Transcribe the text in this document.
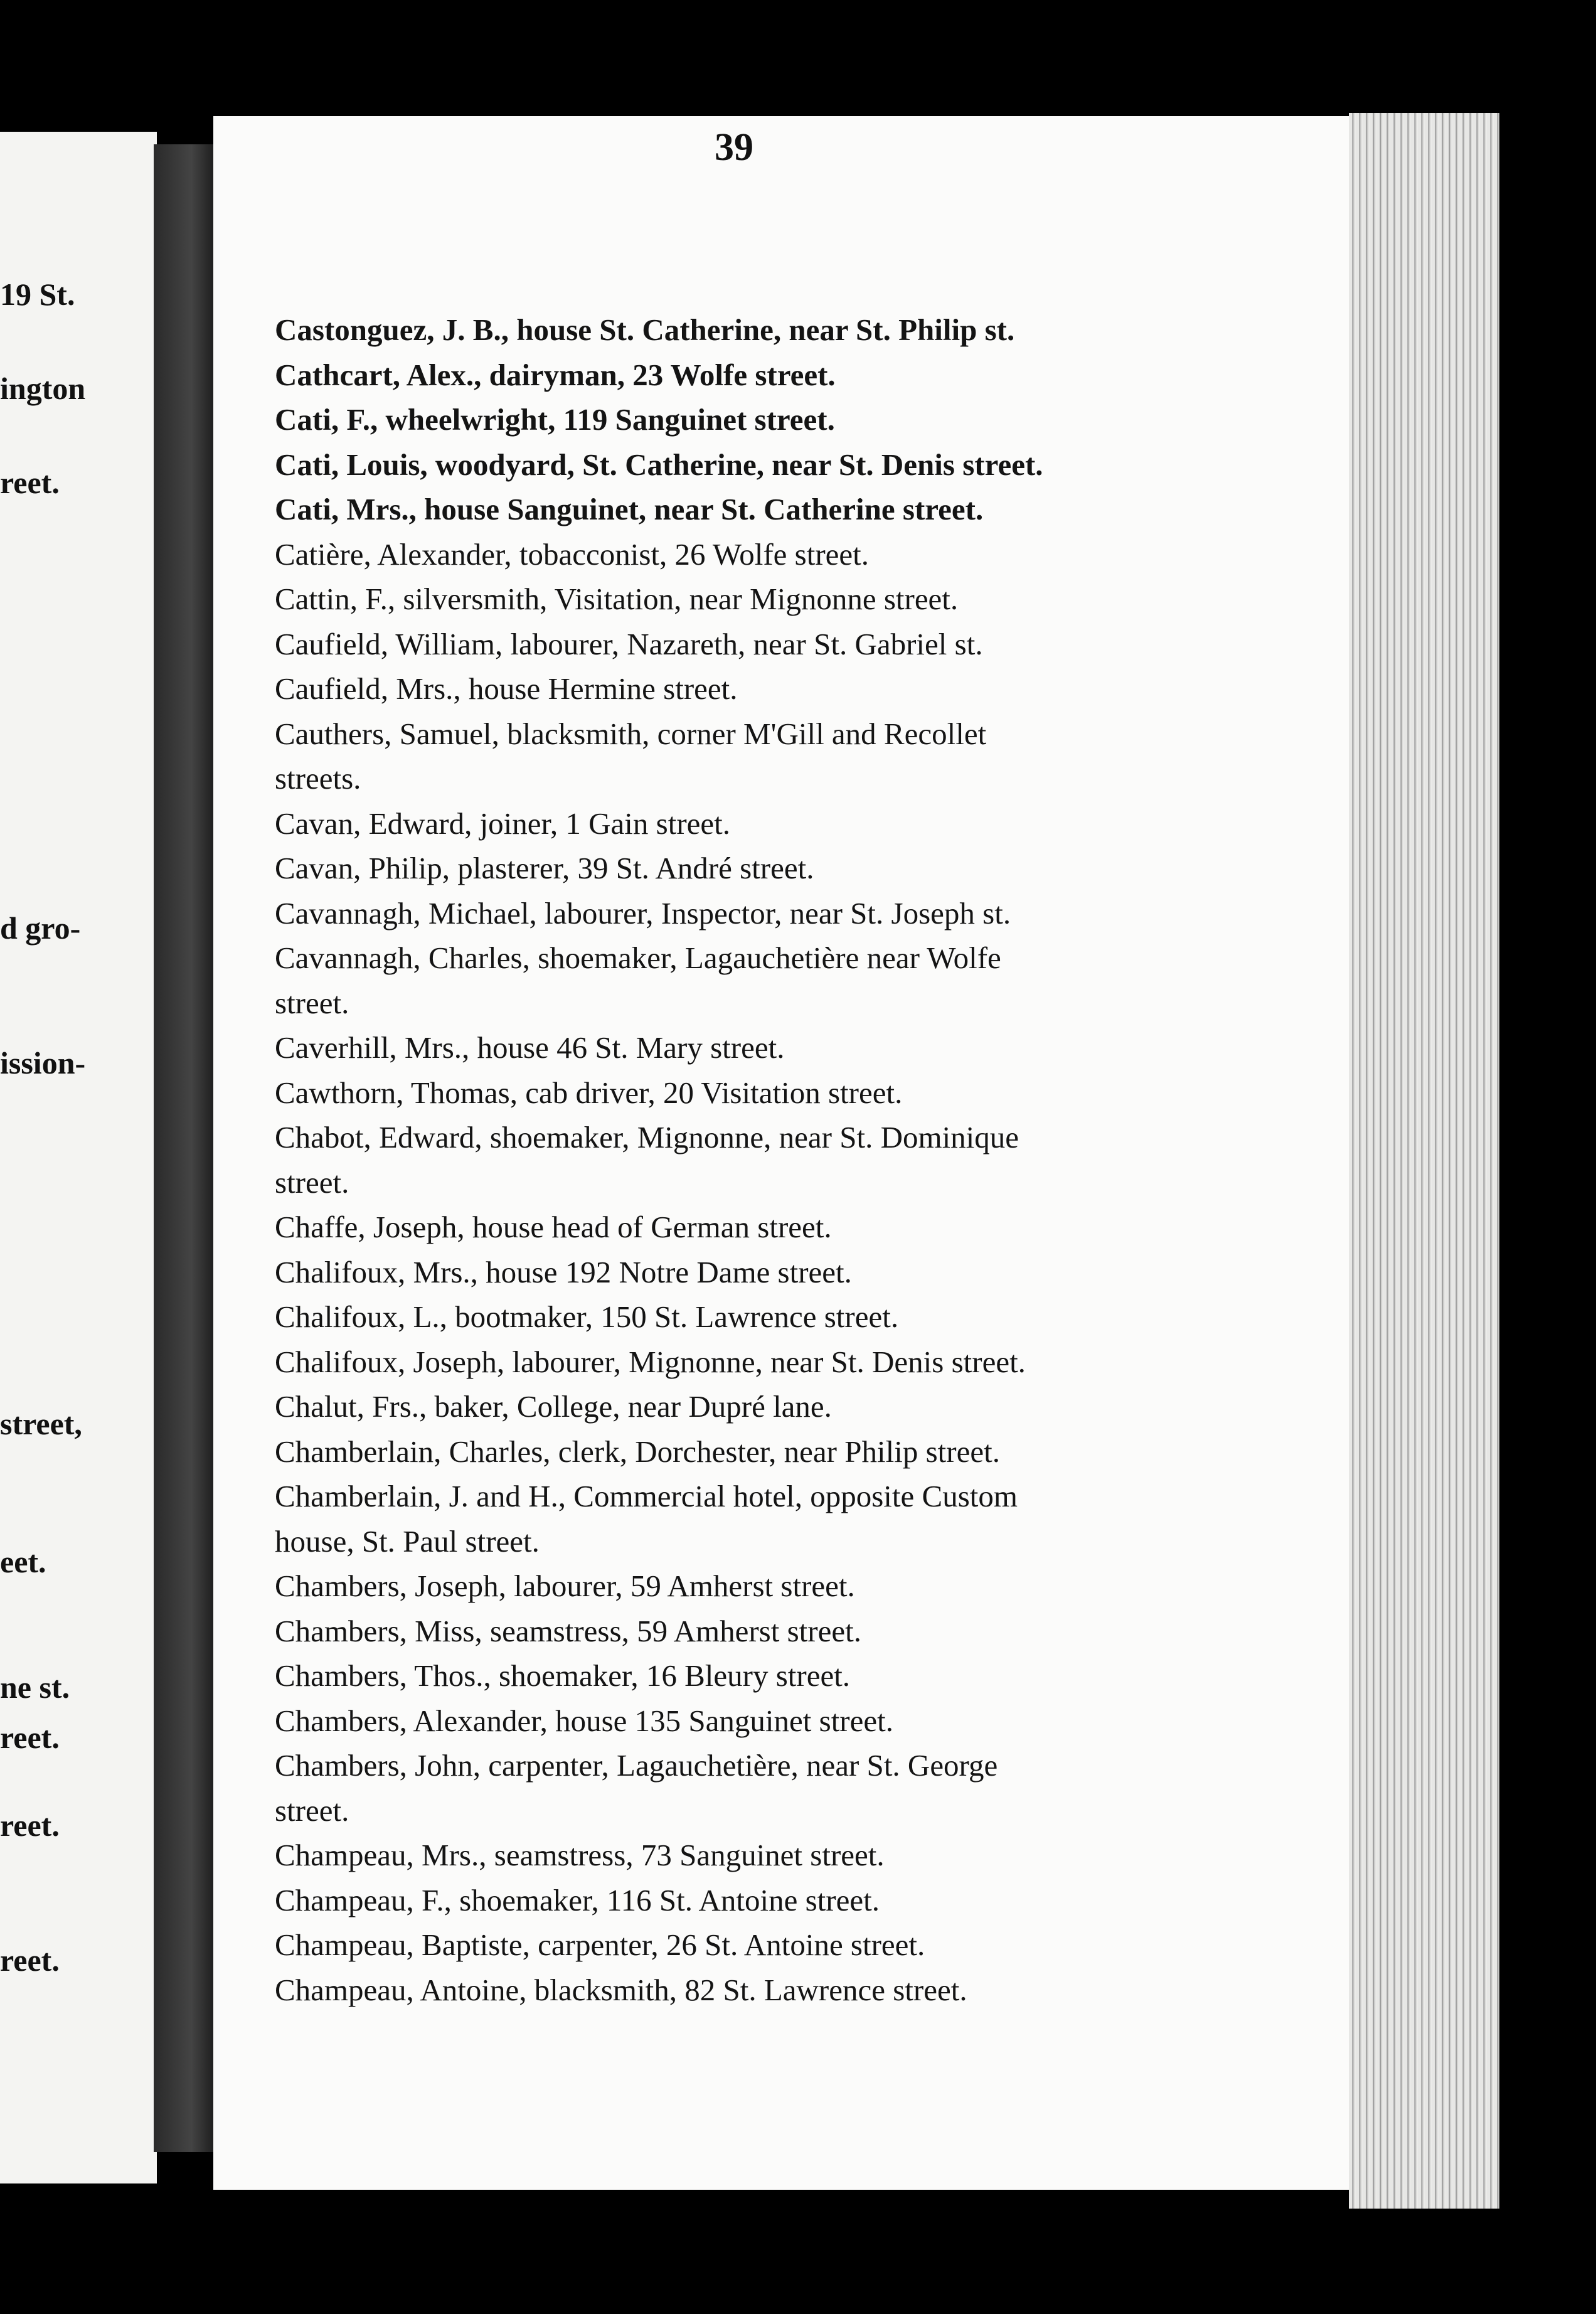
19 St.

ington

reet.

d gro-

ission-

street,

eet.

ne st.

reet.

reet.

reet.

39

Castonguez, J. B., house St. Catherine, near St. Philip st.
Cathcart, Alex., dairyman, 23 Wolfe street.
Cati, F., wheelwright, 119 Sanguinet street.
Cati, Louis, woodyard, St. Catherine, near St. Denis street.
Cati, Mrs., house Sanguinet, near St. Catherine street.
Catière, Alexander, tobacconist, 26 Wolfe street.
Cattin, F., silversmith, Visitation, near Mignonne street.
Caufield, William, labourer, Nazareth, near St. Gabriel st.
Caufield, Mrs., house Hermine street.
Cauthers, Samuel, blacksmith, corner M'Gill and Recollet
streets.
Cavan, Edward, joiner, 1 Gain street.
Cavan, Philip, plasterer, 39 St. André street.
Cavannagh, Michael, labourer, Inspector, near St. Joseph st.
Cavannagh, Charles, shoemaker, Lagauchetière near Wolfe
street.
Caverhill, Mrs., house 46 St. Mary street.
Cawthorn, Thomas, cab driver, 20 Visitation street.
Chabot, Edward, shoemaker, Mignonne, near St. Dominique
street.
Chaffe, Joseph, house head of German street.
Chalifoux, Mrs., house 192 Notre Dame street.
Chalifoux, L., bootmaker, 150 St. Lawrence street.
Chalifoux, Joseph, labourer, Mignonne, near St. Denis street.
Chalut, Frs., baker, College, near Dupré lane.
Chamberlain, Charles, clerk, Dorchester, near Philip street.
Chamberlain, J. and H., Commercial hotel, opposite Custom
house, St. Paul street.
Chambers, Joseph, labourer, 59 Amherst street.
Chambers, Miss, seamstress, 59 Amherst street.
Chambers, Thos., shoemaker, 16 Bleury street.
Chambers, Alexander, house 135 Sanguinet street.
Chambers, John, carpenter, Lagauchetière, near St. George
street.
Champeau, Mrs., seamstress, 73 Sanguinet street.
Champeau, F., shoemaker, 116 St. Antoine street.
Champeau, Baptiste, carpenter, 26 St. Antoine street.
Champeau, Antoine, blacksmith, 82 St. Lawrence street.
